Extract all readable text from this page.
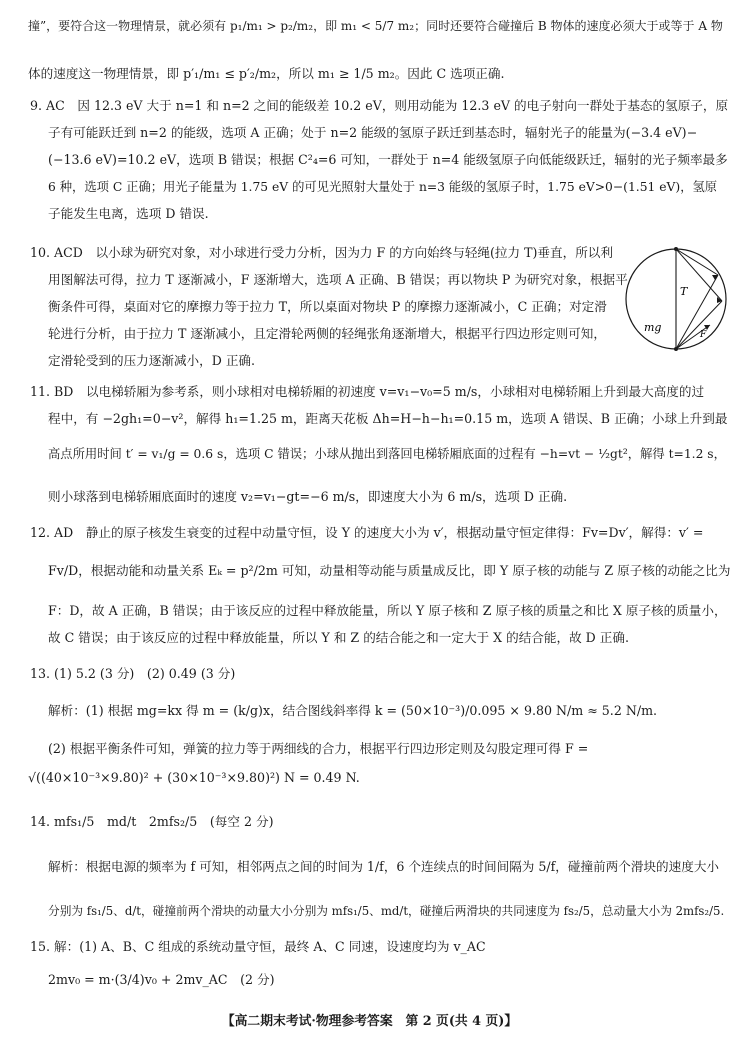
撞”，要符合这一物理情景，就必须有 p₁/m₁ > p₂/m₂，即 m₁ < 5/7 m₂；同时还要符合碰撞后 B 物体的速度必须大于或等于 A 物
体的速度这一物理情景，即 p′₁/m₁ ≤ p′₂/m₂，所以 m₁ ≥ 1/5 m₂。因此 C 选项正确.
9. AC　因 12.3 eV 大于 n=1 和 n=2 之间的能级差 10.2 eV，则用动能为 12.3 eV 的电子射向一群处于基态的氢原子，原
子有可能跃迁到 n=2 的能级，选项 A 正确；处于 n=2 能级的氢原子跃迁到基态时，辐射光子的能量为(−3.4 eV)−
(−13.6 eV)=10.2 eV，选项 B 错误；根据 C²₄=6 可知，一群处于 n=4 能级氢原子向低能级跃迁，辐射的光子频率最多
6 种，选项 C 正确；用光子能量为 1.75 eV 的可见光照射大量处于 n=3 能级的氢原子时，1.75 eV>0−(1.51 eV)，氢原
子能发生电离，选项 D 错误.
10. ACD　以小球为研究对象，对小球进行受力分析，因为力 F 的方向始终与轻绳(拉力 T)垂直，所以利
用图解法可得，拉力 T 逐渐减小，F 逐渐增大，选项 A 正确、B 错误；再以物块 P 为研究对象，根据平
衡条件可得，桌面对它的摩擦力等于拉力 T，所以桌面对物块 P 的摩擦力逐渐减小，C 正确；对定滑
轮进行分析，由于拉力 T 逐渐减小，且定滑轮两侧的轻绳张角逐渐增大，根据平行四边形定则可知，
定滑轮受到的压力逐渐减小，D 正确.
T
mg
F
11. BD　以电梯轿厢为参考系，则小球相对电梯轿厢的初速度 v=v₁−v₀=5 m/s，小球相对电梯轿厢上升到最大高度的过
程中，有 −2gh₁=0−v²，解得 h₁=1.25 m，距离天花板 Δh=H−h−h₁=0.15 m，选项 A 错误、B 正确；小球上升到最
高点所用时间 t′ = v₁/g = 0.6 s，选项 C 错误；小球从抛出到落回电梯轿厢底面的过程有 −h=vt − ½gt²，解得 t=1.2 s，
则小球落到电梯轿厢底面时的速度 v₂=v₁−gt=−6 m/s，即速度大小为 6 m/s，选项 D 正确.
12. AD　静止的原子核发生衰变的过程中动量守恒，设 Y 的速度大小为 v′，根据动量守恒定律得：Fv=Dv′，解得：v′ =
Fv/D，根据动能和动量关系 Eₖ = p²/2m 可知，动量相等动能与质量成反比，即 Y 原子核的动能与 Z 原子核的动能之比为
F：D，故 A 正确，B 错误；由于该反应的过程中释放能量，所以 Y 原子核和 Z 原子核的质量之和比 X 原子核的质量小，
故 C 错误；由于该反应的过程中释放能量，所以 Y 和 Z 的结合能之和一定大于 X 的结合能，故 D 正确.
13. (1) 5.2 (3 分)　(2) 0.49 (3 分)
解析：(1) 根据 mg=kx 得 m = (k/g)x，结合图线斜率得 k = (50×10⁻³)/0.095 × 9.80 N/m ≈ 5.2 N/m.
(2) 根据平衡条件可知，弹簧的拉力等于两细线的合力，根据平行四边形定则及勾股定理可得 F =
√((40×10⁻³×9.80)² + (30×10⁻³×9.80)²) N = 0.49 N.
14. mfs₁/5　md/t　2mfs₂/5　(每空 2 分)
解析：根据电源的频率为 f 可知，相邻两点之间的时间为 1/f，6 个连续点的时间间隔为 5/f，碰撞前两个滑块的速度大小
分别为 fs₁/5、d/t，碰撞前两个滑块的动量大小分别为 mfs₁/5、md/t，碰撞后两滑块的共同速度为 fs₂/5，总动量大小为 2mfs₂/5.
15. 解：(1) A、B、C 组成的系统动量守恒，最终 A、C 同速，设速度均为 v_AC
2mv₀ = m·(3/4)v₀ + 2mv_AC　(2 分)
【高二期末考试·物理参考答案　第 2 页(共 4 页)】
